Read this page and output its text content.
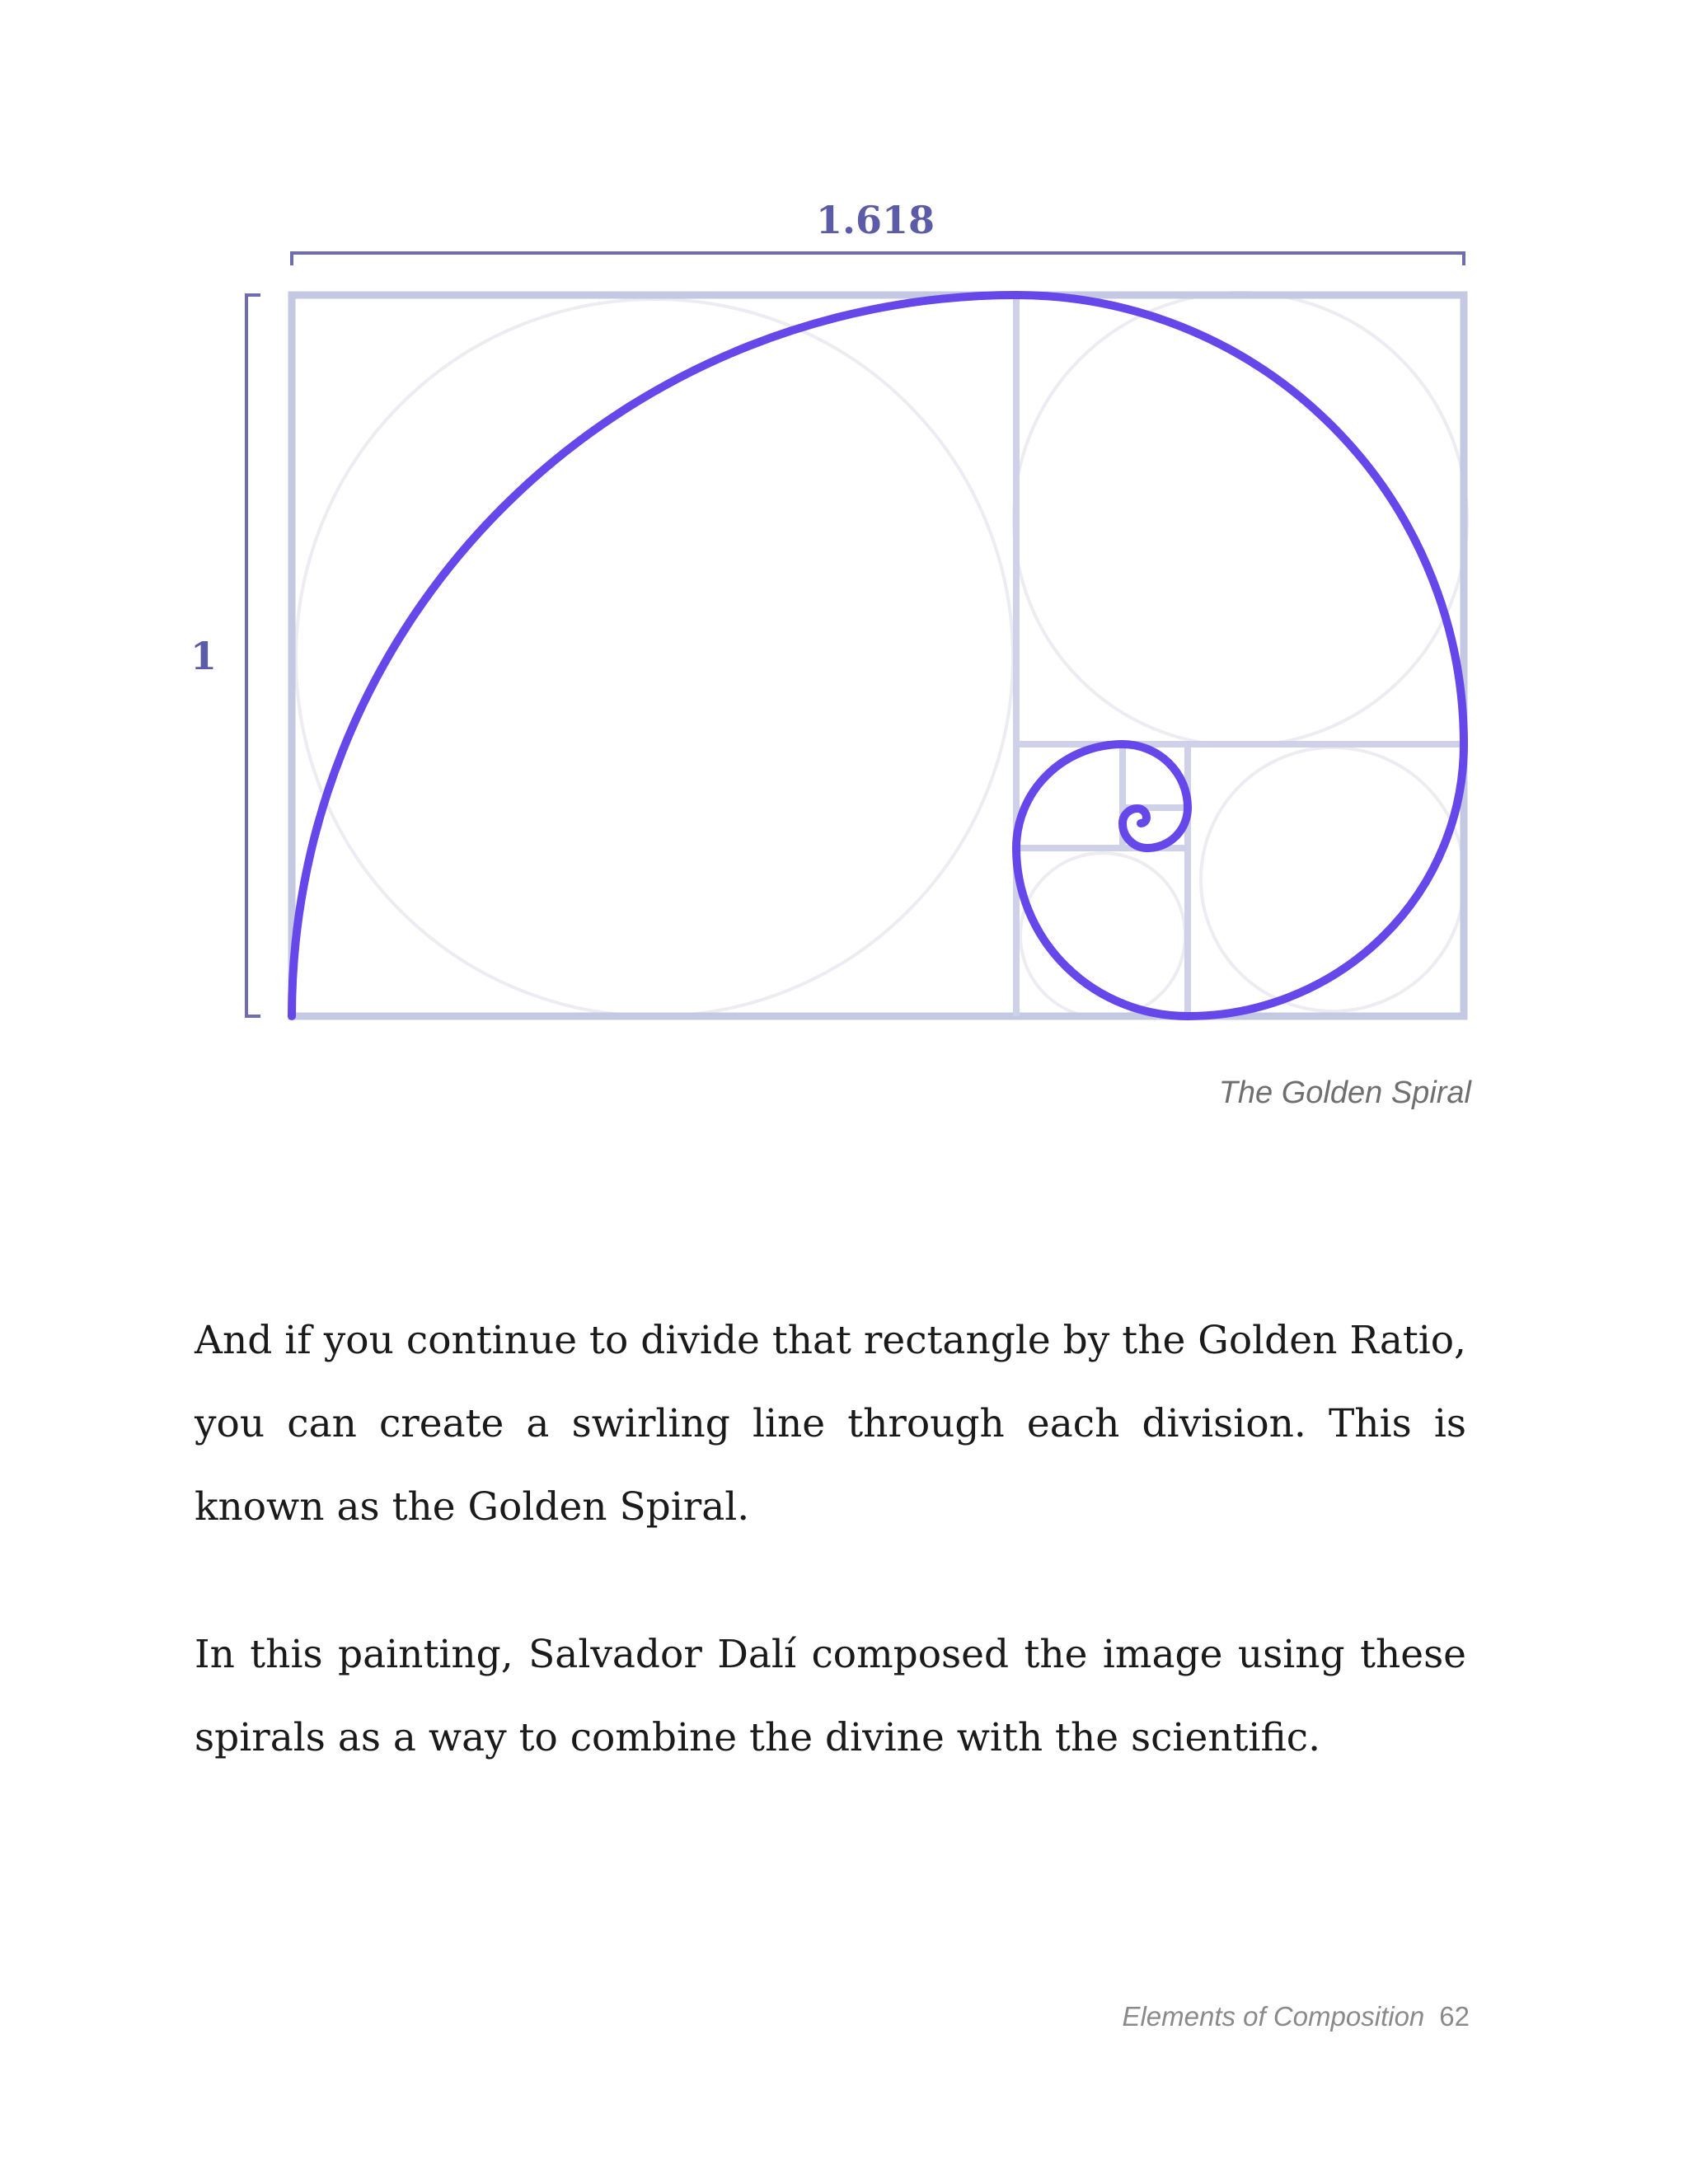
1.618
1
The Golden Spiral

And if you continue to divide that rectangle by the Golden Ratio, you can create a swirling line through each division. This is known as the Golden Spiral.

In this painting, Salvador Dalí composed the image using these spirals as a way to combine the divine with the scientific.

Elements of Composition 62
